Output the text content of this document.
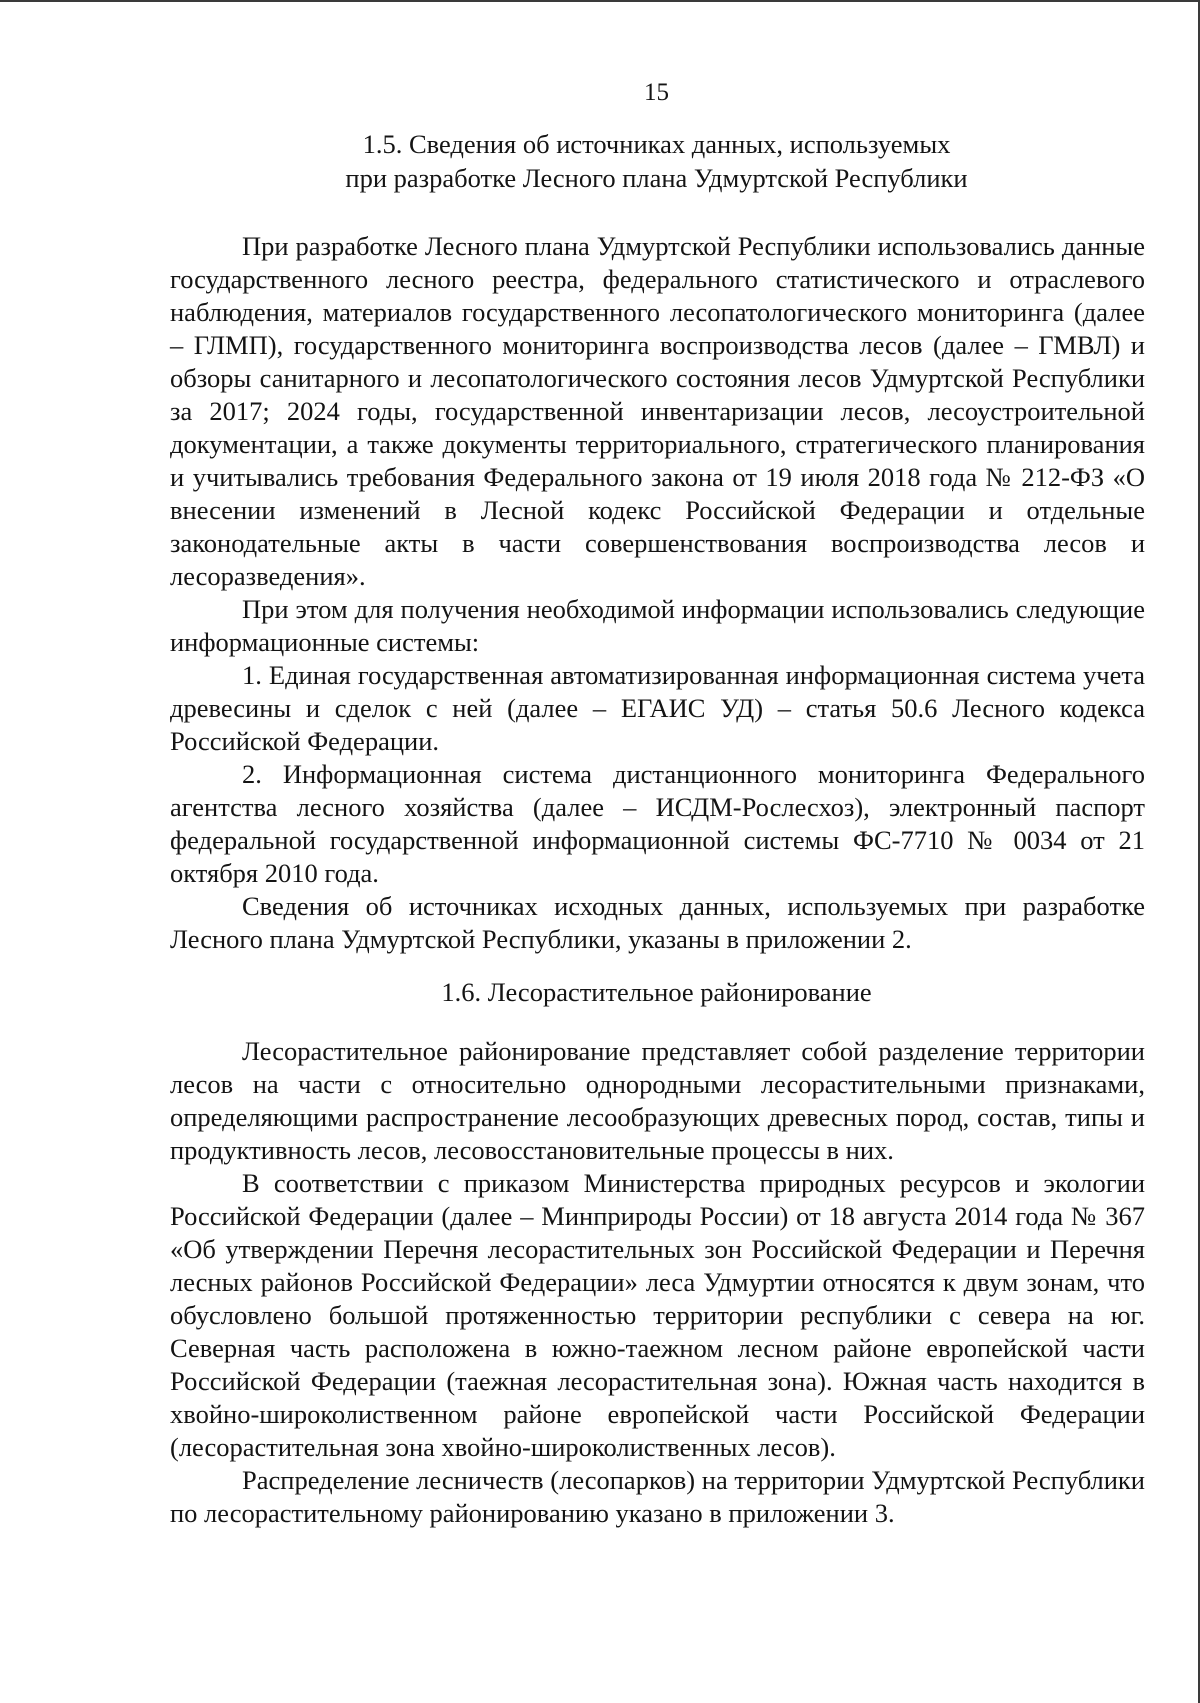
15
1.5. Сведения об источниках данных, используемых
при разработке Лесного плана Удмуртской Республики

При разработке Лесного плана Удмуртской Республики использовались данные государственного лесного реестра, федерального статистического и отраслевого наблюдения, материалов государственного лесопатологического мониторинга (далее – ГЛМП), государственного мониторинга воспроизводства лесов (далее – ГМВЛ) и обзоры санитарного и лесопатологического состояния лесов Удмуртской Республики за 2017; 2024 годы, государственной инвентаризации лесов, лесоустроительной документации, а также документы территориального, стратегического планирования и учитывались требования Федерального закона от 19 июля 2018 года № 212-ФЗ «О внесении изменений в Лесной кодекс Российской Федерации и отдельные законодательные акты в части совершенствования воспроизводства лесов и лесоразведения».

При этом для получения необходимой информации использовались следующие информационные системы:

1. Единая государственная автоматизированная информационная система учета древесины и сделок с ней (далее – ЕГАИС УД) – статья 50.6 Лесного кодекса Российской Федерации.

2. Информационная система дистанционного мониторинга Федерального агентства лесного хозяйства (далее – ИСДМ-Рослесхоз), электронный паспорт федеральной государственной информационной системы ФС-7710 № 0034 от 21 октября 2010 года.

Сведения об источниках исходных данных, используемых при разработке Лесного плана Удмуртской Республики, указаны в приложении 2.

1.6. Лесорастительное районирование

Лесорастительное районирование представляет собой разделение территории лесов на части с относительно однородными лесорастительными признаками, определяющими распространение лесообразующих древесных пород, состав, типы и продуктивность лесов, лесовосстановительные процессы в них.

В соответствии с приказом Министерства природных ресурсов и экологии Российской Федерации (далее – Минприроды России) от 18 августа 2014 года № 367 «Об утверждении Перечня лесорастительных зон Российской Федерации и Перечня лесных районов Российской Федерации» леса Удмуртии относятся к двум зонам, что обусловлено большой протяженностью территории республики с севера на юг. Северная часть расположена в южно-таежном лесном районе европейской части Российской Федерации (таежная лесорастительная зона). Южная часть находится в хвойно-широколиственном районе европейской части Российской Федерации (лесорастительная зона хвойно-широколиственных лесов).

Распределение лесничеств (лесопарков) на территории Удмуртской Республики по лесорастительному районированию указано в приложении 3.
